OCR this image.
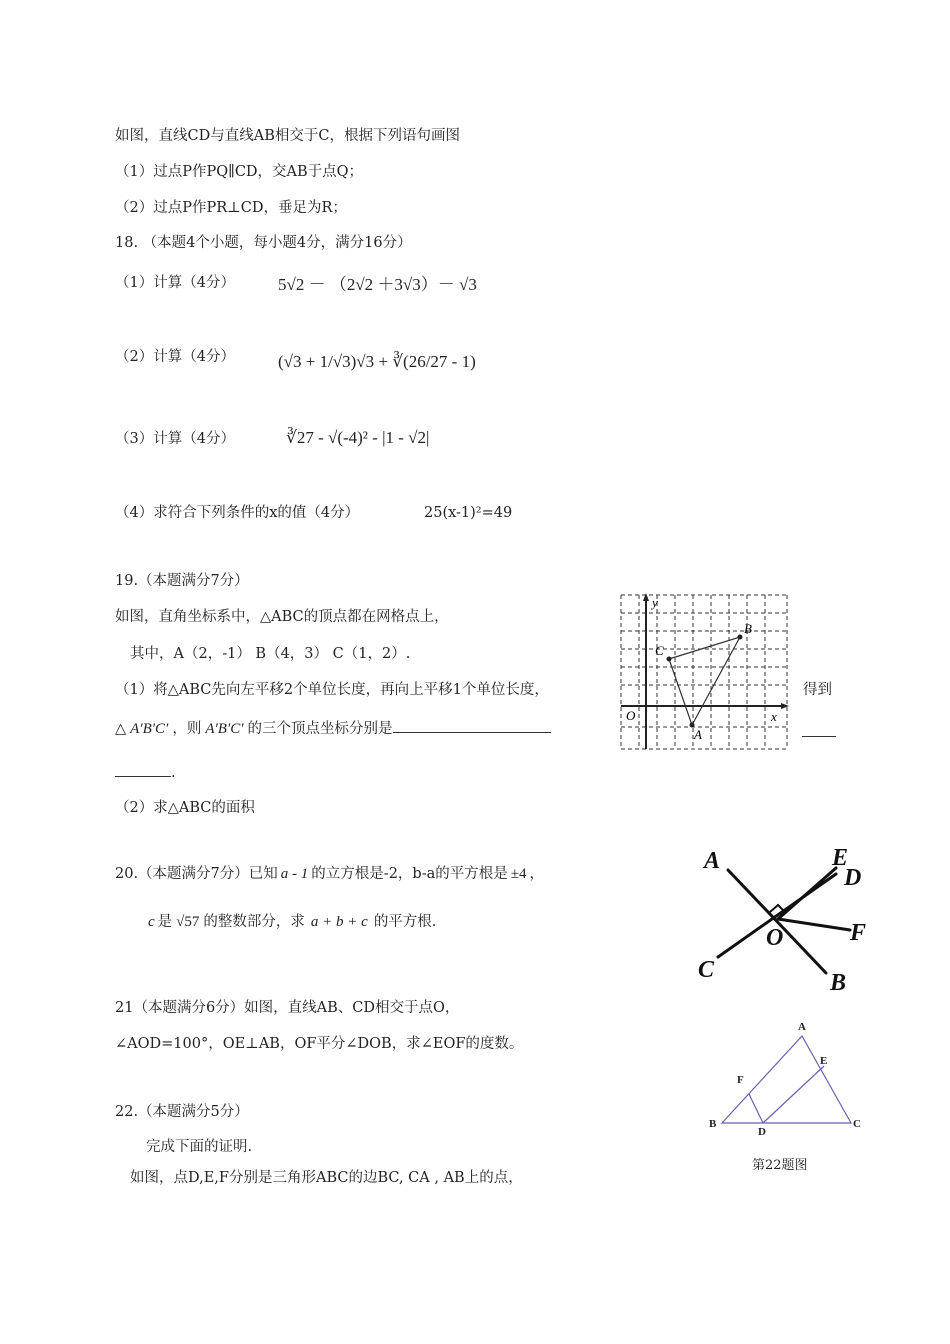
如图，直线CD与直线AB相交于C，根据下列语句画图
（1）过点P作PQ∥CD，交AB于点Q；
（2）过点P作PR⊥CD，垂足为R；
18. （本题4个小题，每小题4分，满分16分）
（1）计算（4分）	5√2 － （2√2 ＋3√3）－ √3
（2）计算（4分）	(√3 + 1/√3)√3 + ∛(26/27 - 1)
（3）计算（4分）	∛27 - √(-4)² - |1 - √2|
（4）求符合下列条件的x的值（4分）	25(x-1)²=49
19.（本题满分7分）
如图，直角坐标系中，△ABC的顶点都在网格点上，
其中，A（2，-1） B（4，3） C（1，2）.
（1）将△ABC先向左平移2个单位长度，再向上平移1个单位长度，	得到
△ A′B′C′ ，则 A′B′C′ 的三个顶点坐标分别是
.
（2）求△ABC的面积
y
x
O
B
C
A
20.（本题满分7分）已知 a - 1 的立方根是-2，b-a的平方根是 ±4 ，
c 是 √57 的整数部分，求 a + b + c 的平方根.
A
B
C
D
E
F
O
21（本题满分6分）如图，直线AB、CD相交于点O，
∠AOD=100°，OE⊥AB，OF平分∠DOB，求∠EOF的度数。
22.（本题满分5分）
完成下面的证明.
如图，点D,E,F分别是三角形ABC的边BC, CA , AB上的点，
A
B	C
D
E
F
第22题图
